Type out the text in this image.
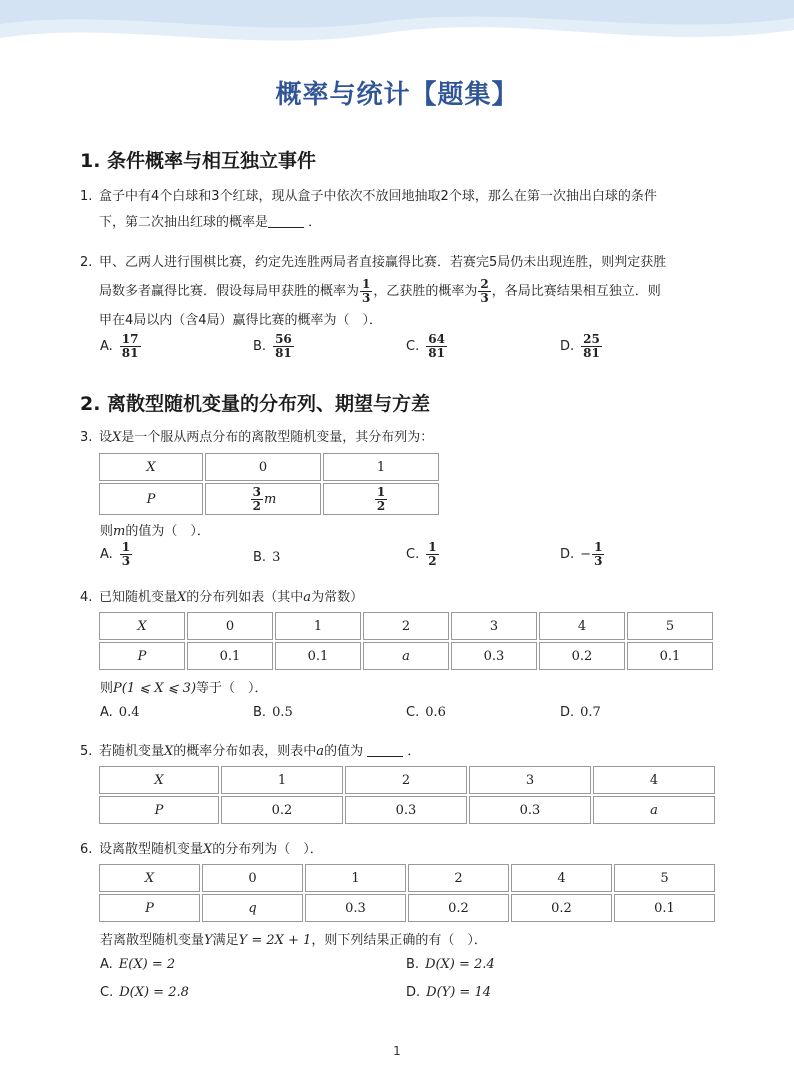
概率与统计【题集】
1. 条件概率与相互独立事件
1. 盒子中有4个白球和3个红球，现从盒子中依次不放回地抽取2个球，那么在第一次抽出白球的条件
下，第二次抽出红球的概率是	．
2. 甲、乙两人进行围棋比赛，约定先连胜两局者直接赢得比赛．若赛完5局仍未出现连胜，则判定获胜
局数多者赢得比赛．假设每局甲获胜的概率为 $\frac{1}{3}$ ，乙获胜的概率为 $\frac{2}{3}$ ，各局比赛结果相互独立．则
甲在4局以内（含4局）赢得比赛的概率为（　）．
A. $\frac{17}{81}$	B. $\frac{56}{81}$	C. $\frac{64}{81}$	D. $\frac{25}{81}$
2. 离散型随机变量的分布列、期望与方差
3. 设X是一个服从两点分布的离散型随机变量，其分布列为：
X	0	1
P	$\frac{3}{2}$ m	$\frac{1}{2}$
则m的值为（　）．
A. $\frac{1}{3}$	B. 3	C. $\frac{1}{2}$	D. − $\frac{1}{3}$
4. 已知随机变量X的分布列如表（其中a为常数）
X	0	1	2	3	4	5
P	0.1	0.1	a	0.3	0.2	0.1
则P(1 ⩽ X ⩽ 3)等于（　）．
A. 0.4	B. 0.5	C. 0.6	D. 0.7
5. 若随机变量X的概率分布如表，则表中a的值为	．
X	1	2	3	4
P	0.2	0.3	0.3	a
6. 设离散型随机变量X的分布列为（　）．
X	0	1	2	4	5
P	q	0.3	0.2	0.2	0.1
若离散型随机变量Y满足Y = 2X + 1，则下列结果正确的有（　）．
A. E(X) = 2	B. D(X) = 2.4
C. D(X) = 2.8	D. D(Y) = 14
1
